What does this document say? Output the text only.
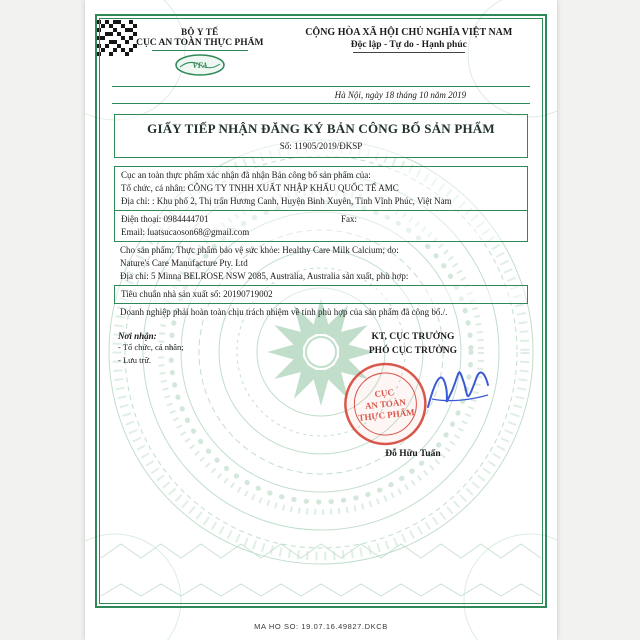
BỘ Y TẾ
CỤC AN TOÀN THỰC PHẨM
VFA
CỘNG HÒA XÃ HỘI CHỦ NGHĨA VIỆT NAM
Độc lập - Tự do - Hạnh phúc
Hà Nội, ngày 18 tháng 10 năm 2019
GIẤY TIẾP NHẬN ĐĂNG KÝ BẢN CÔNG BỐ SẢN PHẨM
Số: 11905/2019/ĐKSP
Cục an toàn thực phẩm xác nhận đã nhận Bản công bố sản phẩm của:
Tổ chức, cá nhân: CÔNG TY TNHH XUẤT NHẬP KHẨU QUỐC TẾ AMC
Địa chỉ: : Khu phố 2, Thị trấn Hương Canh, Huyện Bình Xuyên, Tỉnh Vĩnh Phúc, Việt Nam
Điện thoại: 0984444701	Fax:
Email: luatsucaoson68@gmail.com
Cho sản phẩm: Thực phẩm bảo vệ sức khỏe: Healthy Care Milk Calcium; do:
Nature's Care Manufacture Pty. Ltd
Địa chỉ: 5 Minna BELROSE NSW 2085, Australia, Australia sản xuất, phù hợp:
Tiêu chuẩn nhà sản xuất số: 20190719002
Doanh nghiệp phải hoàn toàn chịu trách nhiệm về tính phù hợp của sản phẩm đã công bố./.
Nơi nhận:
- Tổ chức, cá nhân;
- Lưu trữ.
KT, CỤC TRƯỞNG
PHÓ CỤC TRƯỞNG
CỤC
AN TOÀN
THỰC PHẨM
Đỗ Hữu Tuấn
MA HO SO: 19.07.16.49827.DKCB
